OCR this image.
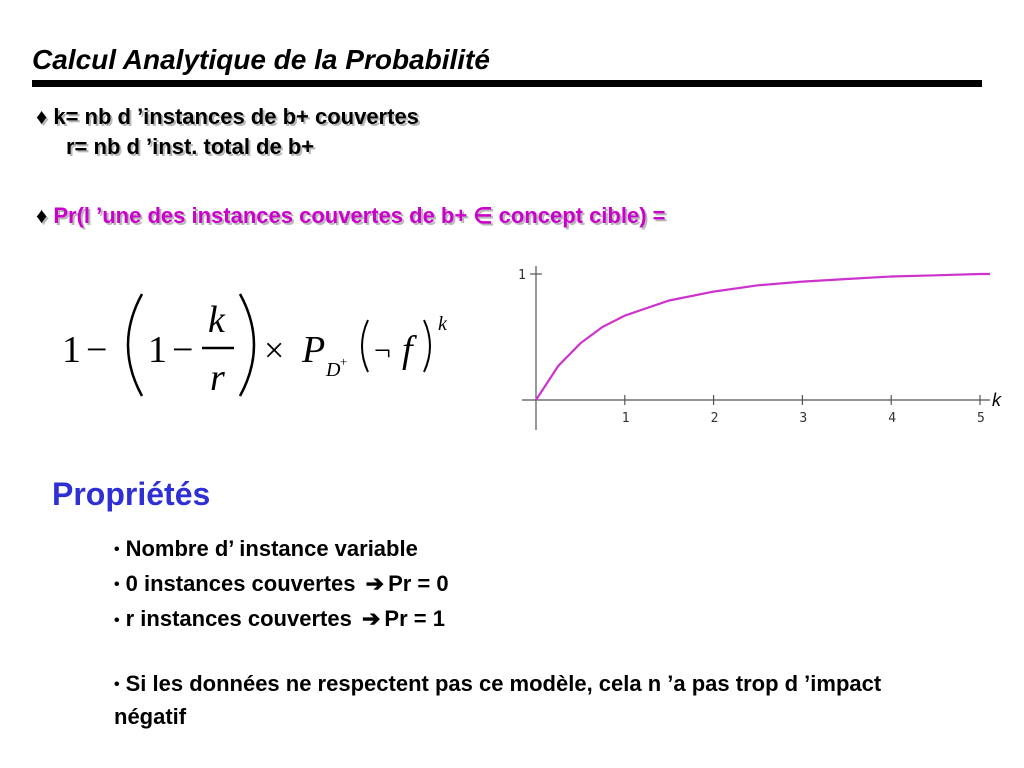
Calcul Analytique de la Probabilité
♦ k= nb d ’instances de b+ couvertes
r= nb d ’inst. total de b+
♦ Pr(l ’une des instances couvertes de b+ ∈ concept cible) =
1 − 1 −
k
r
× P D + ¬ f
k
1	2	3	4	5
1
k
Propriétés
• Nombre d’ instance variable
• 0 instances couvertes ➔ Pr = 0
• r instances couvertes ➔ Pr = 1
• Si les données ne respectent pas ce modèle, cela n ’a pas trop d ’impact négatif
